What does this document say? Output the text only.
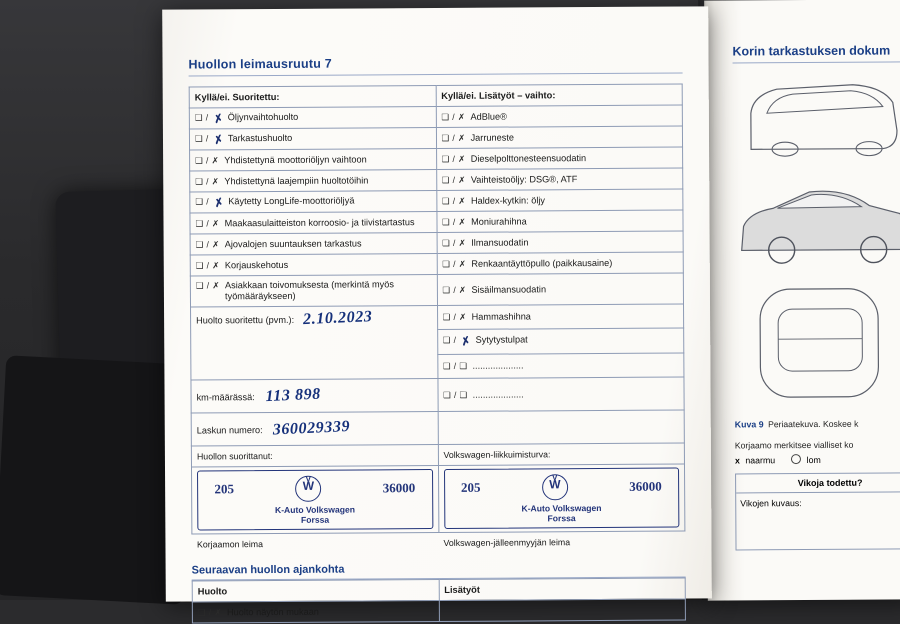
Korin tarkastuksen dokum
Kuva 9 Periaatekuva. Koskee k
Korjaamo merkitsee vialliset ko
x naarmu	lom
Vikoja todettu?
Vikojen kuvaus:
Huollon leimausruutu 7
Kyllä/ei. Suoritettu:	Kyllä/ei. Lisätyöt – vaihto:

❑ / ✗ Öljynvaihtohuolto	❑ / ✗ AdBlue®

❑ / ✗ Tarkastushuolto	❑ / ✗ Jarruneste

❑ / ✗ Yhdistettynä moottoriöljyn vaihtoon	❑ / ✗ Dieselpolttonesteensuodatin

❑ / ✗ Yhdistettynä laajempiin huoltotöihin	❑ / ✗ Vaihteistoöljy: DSG®, ATF

❑ / ✗ Käytetty LongLife-moottoriöljyä	❑ / ✗ Haldex-kytkin: öljy

❑ / ✗ Maakaasulaitteiston korroosio- ja tiivistartastus	❑ / ✗ Moniurahihna

❑ / ✗ Ajovalojen suuntauksen tarkastus	❑ / ✗ Ilmansuodatin

❑ / ✗ Korjauskehotus	❑ / ✗ Renkaantäyttöpullo (paikkausaine)

❑ / ✗ Asiakkaan toivomuksesta (merkintä myös työmääräykseen)	❑ / ✗ Sisäilmansuodatin

Huolto suoritettu (pvm.): 2.10.2023	❑ / ✗ Hammashihna

	❑ / ✗ Sytytystulpat

	❑ / ❑ ....................

km-määrässä: 113 898	❑ / ❑ ....................

Laskun numero: 360029339	
Huollon suorittanut:	Volkswagen-liikkuimisturva:

205 W V	36000
K-Auto Volkswagen
Forssa

205 W V	36000
K-Auto Volkswagen
Forssa

Korjaamon leima	Volkswagen-jälleenmyyjän leima
Seuraavan huollon ajankohta
Huolto	Lisätyöt

❑ / ✗ Huolto näytön mukaan	
